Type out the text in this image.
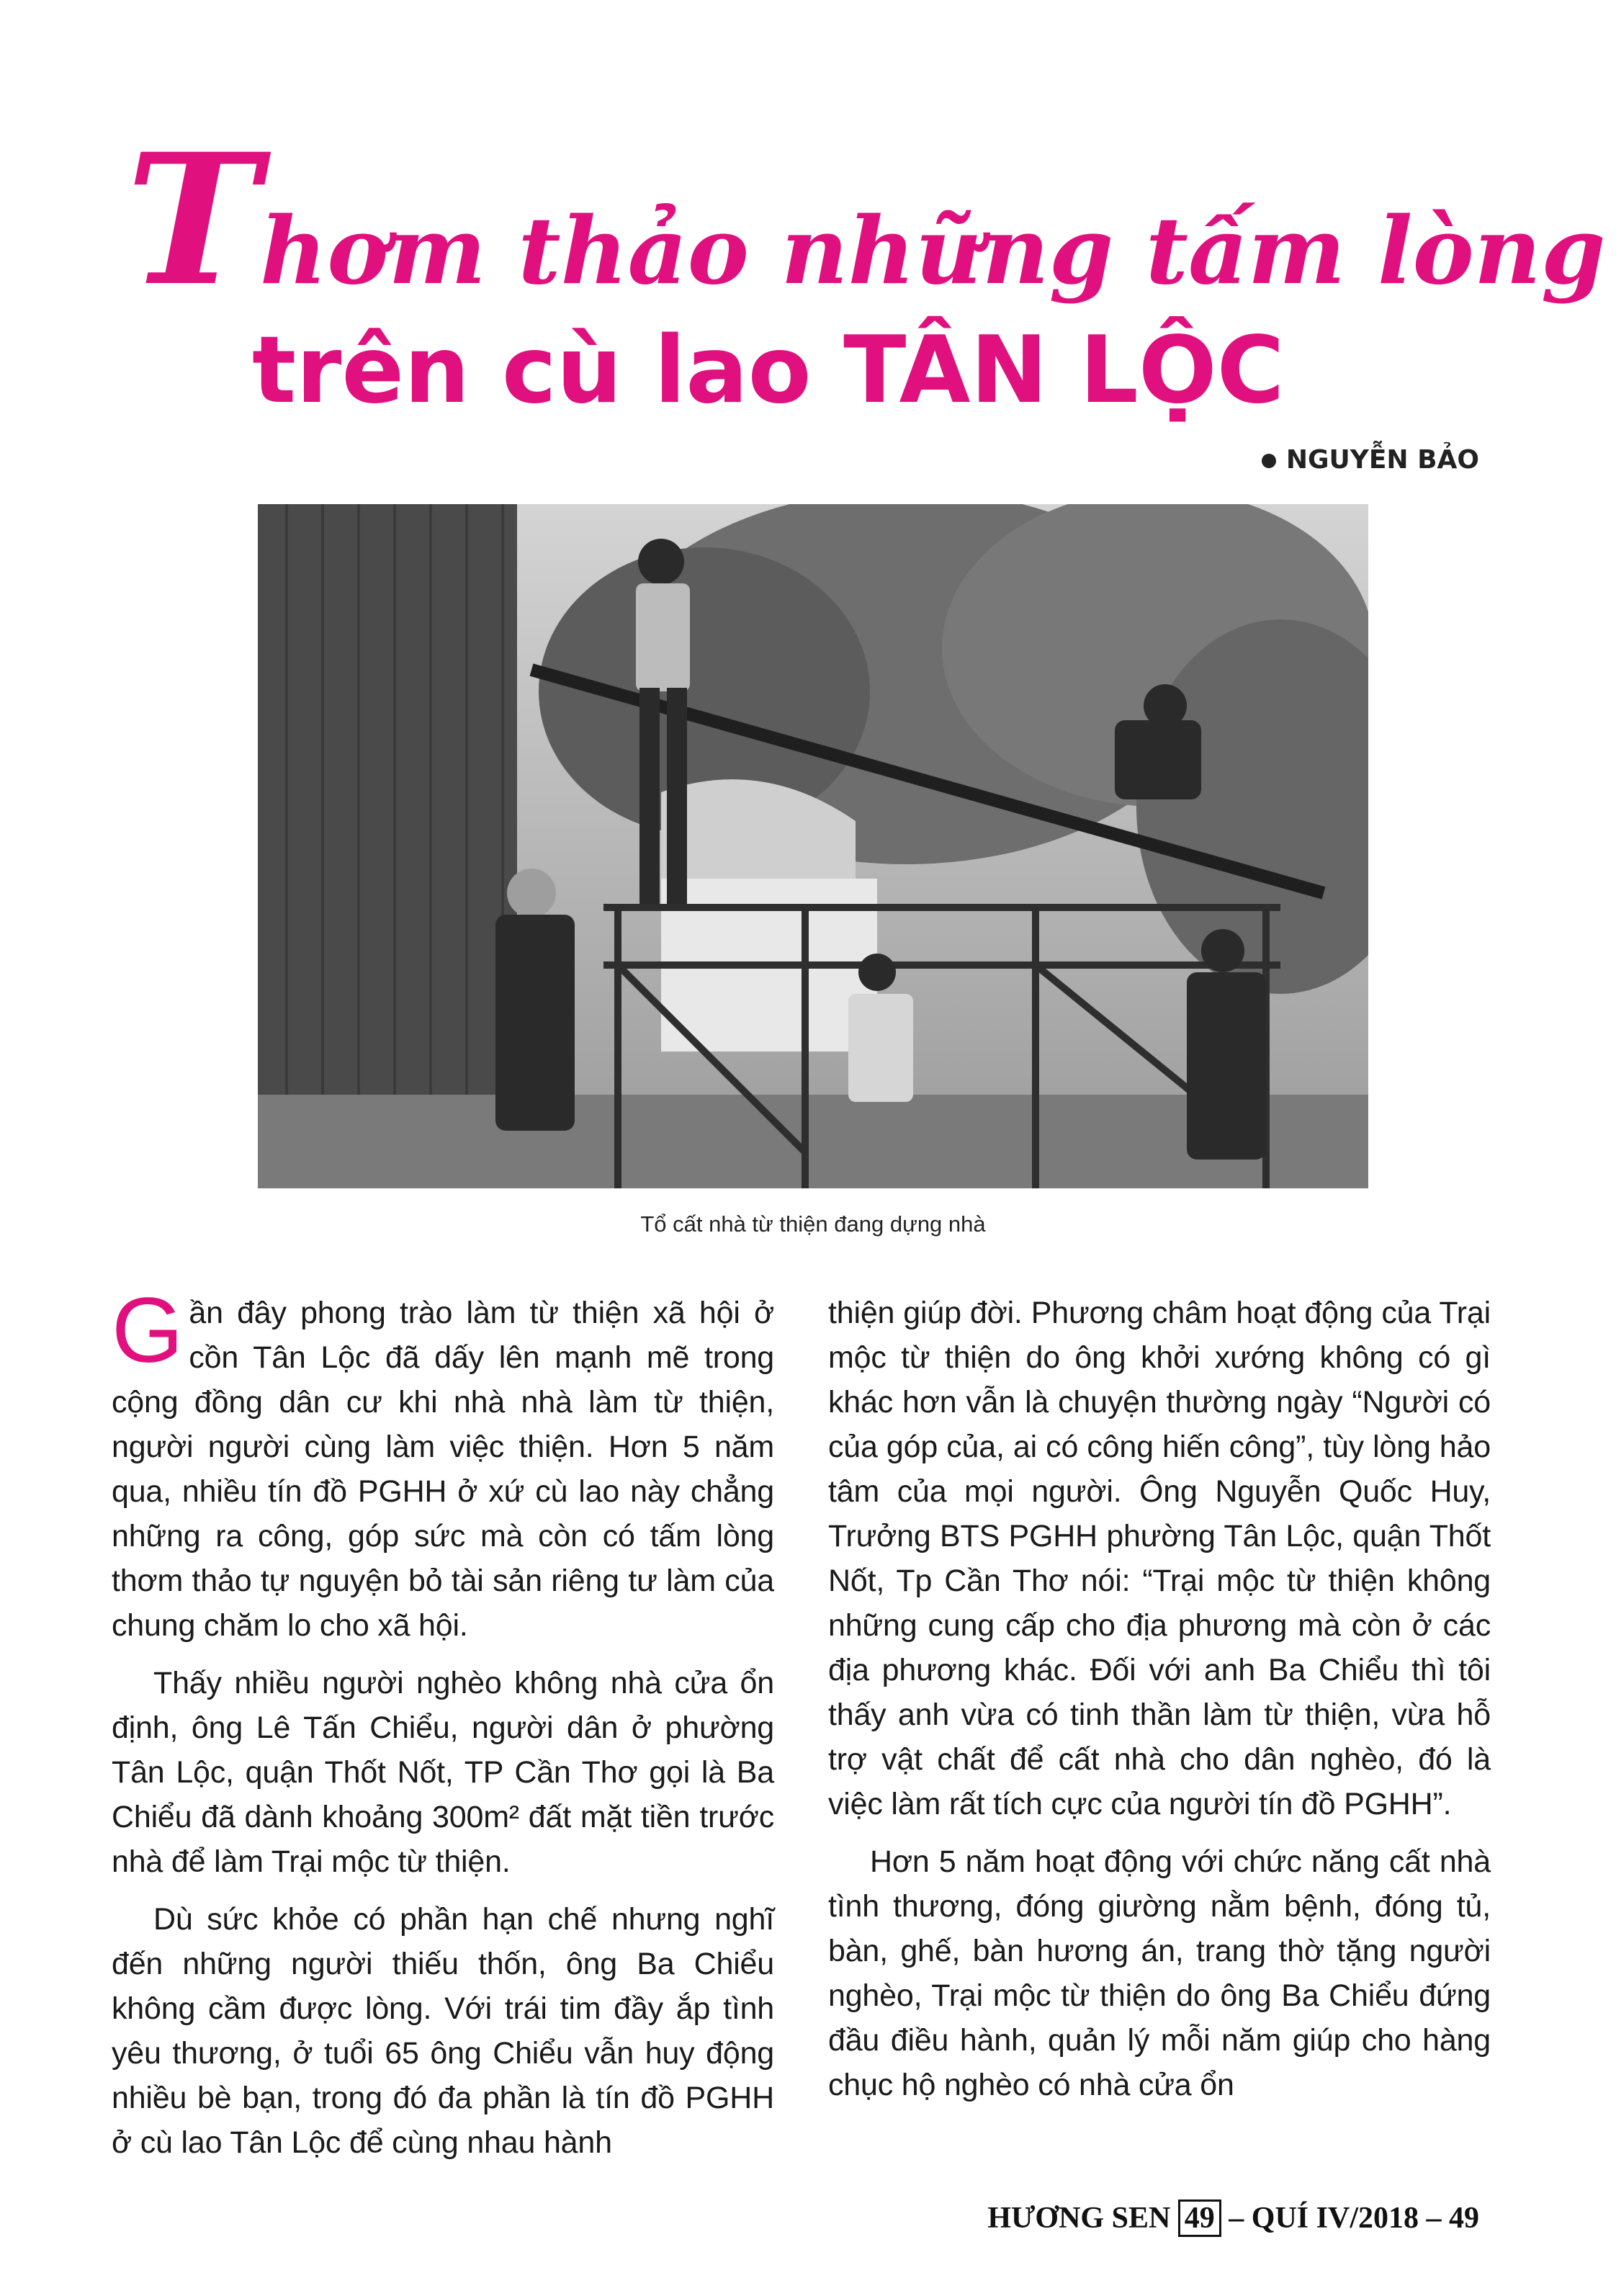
Thơm thảo những tấm lòng
trên cù lao TÂN LỘC
NGUYỄN BẢO
Tổ cất nhà từ thiện đang dựng nhà

Gần đây phong trào làm từ thiện xã hội ở cồn Tân Lộc đã dấy lên mạnh mẽ trong cộng đồng dân cư khi nhà nhà làm từ thiện, người người cùng làm việc thiện. Hơn 5 năm qua, nhiều tín đồ PGHH ở xứ cù lao này chẳng những ra công, góp sức mà còn có tấm lòng thơm thảo tự nguyện bỏ tài sản riêng tư làm của chung chăm lo cho xã hội.

Thấy nhiều người nghèo không nhà cửa ổn định, ông Lê Tấn Chiểu, người dân ở phường Tân Lộc, quận Thốt Nốt, TP Cần Thơ gọi là Ba Chiểu đã dành khoảng 300m² đất mặt tiền trước nhà để làm Trại mộc từ thiện.

Dù sức khỏe có phần hạn chế nhưng nghĩ đến những người thiếu thốn, ông Ba Chiểu không cầm được lòng. Với trái tim đầy ắp tình yêu thương, ở tuổi 65 ông Chiểu vẫn huy động nhiều bè bạn, trong đó đa phần là tín đồ PGHH ở cù lao Tân Lộc để cùng nhau hành

thiện giúp đời. Phương châm hoạt động của Trại mộc từ thiện do ông khởi xướng không có gì khác hơn vẫn là chuyện thường ngày “Người có của góp của, ai có công hiến công”, tùy lòng hảo tâm của mọi người. Ông Nguyễn Quốc Huy, Trưởng BTS PGHH phường Tân Lộc, quận Thốt Nốt, Tp Cần Thơ nói: “Trại mộc từ thiện không những cung cấp cho địa phương mà còn ở các địa phương khác. Đối với anh Ba Chiểu thì tôi thấy anh vừa có tinh thần làm từ thiện, vừa hỗ trợ vật chất để cất nhà cho dân nghèo, đó là việc làm rất tích cực của người tín đồ PGHH”.

Hơn 5 năm hoạt động với chức năng cất nhà tình thương, đóng giường nằm bệnh, đóng tủ, bàn, ghế, bàn hương án, trang thờ tặng người nghèo, Trại mộc từ thiện do ông Ba Chiểu đứng đầu điều hành, quản lý mỗi năm giúp cho hàng chục hộ nghèo có nhà cửa ổn

HƯƠNG SEN 49 – QUÍ IV/2018 – 49
